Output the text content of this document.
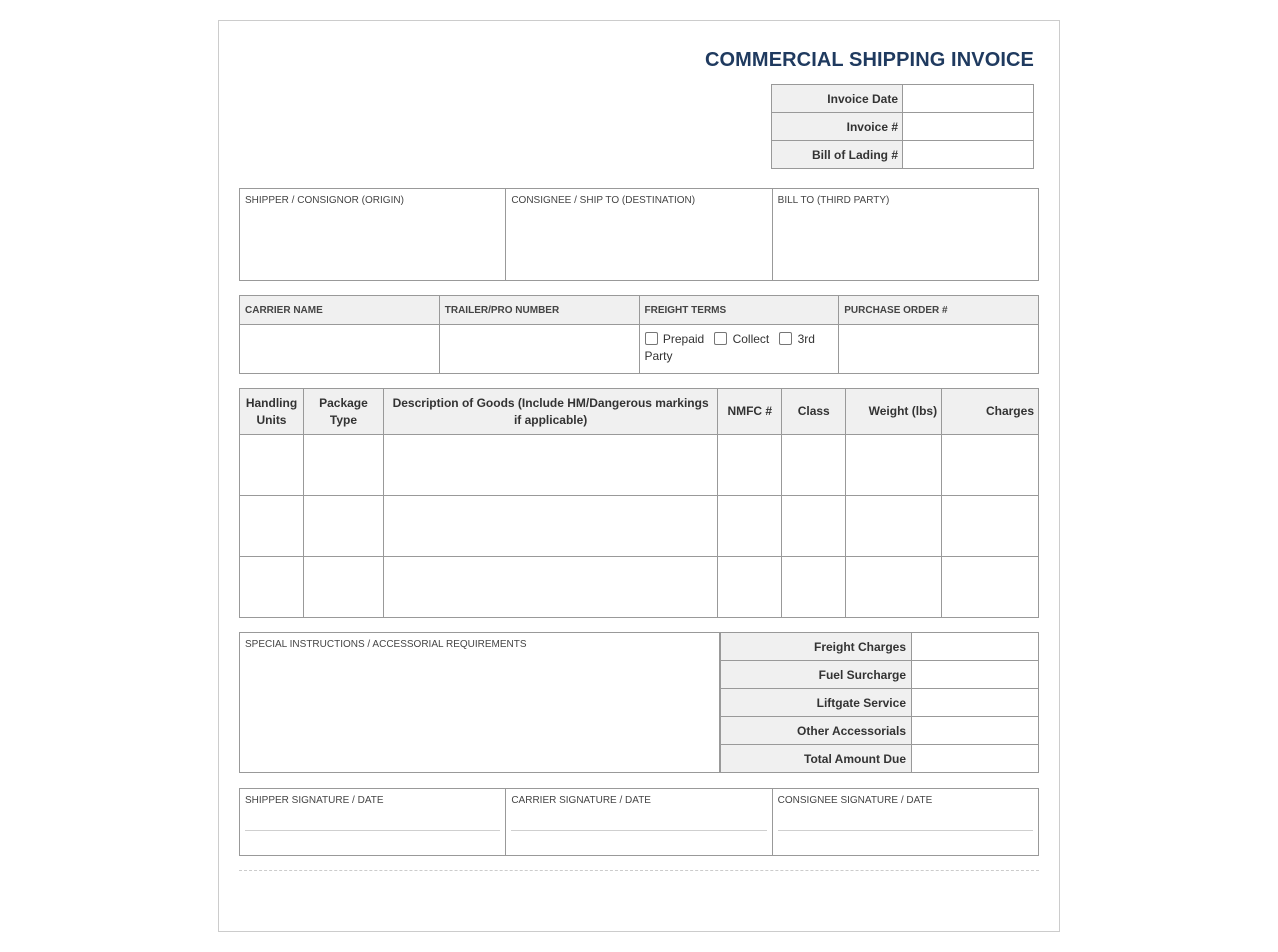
COMMERCIAL SHIPPING INVOICE
Invoice Date	
Invoice #	
Bill of Lading #	
SHIPPER / CONSIGNOR (ORIGIN)	CONSIGNEE / SHIP TO (DESTINATION)	BILL TO (THIRD PARTY)
CARRIER NAME	TRAILER/PRO NUMBER	FREIGHT TERMS	PURCHASE ORDER #
		Prepaid Collect 3rd Party	
Handling Units	Package Type	Description of Goods (Include HM/Dangerous markings if applicable)	NMFC #	Class	Weight (lbs)	Charges

SPECIAL INSTRUCTIONS / ACCESSORIAL REQUIREMENTS	Freight Charges	
Fuel Surcharge	
Liftgate Service	
Other Accessorials	
Total Amount Due	
SHIPPER SIGNATURE / DATE	CARRIER SIGNATURE / DATE	CONSIGNEE SIGNATURE / DATE
